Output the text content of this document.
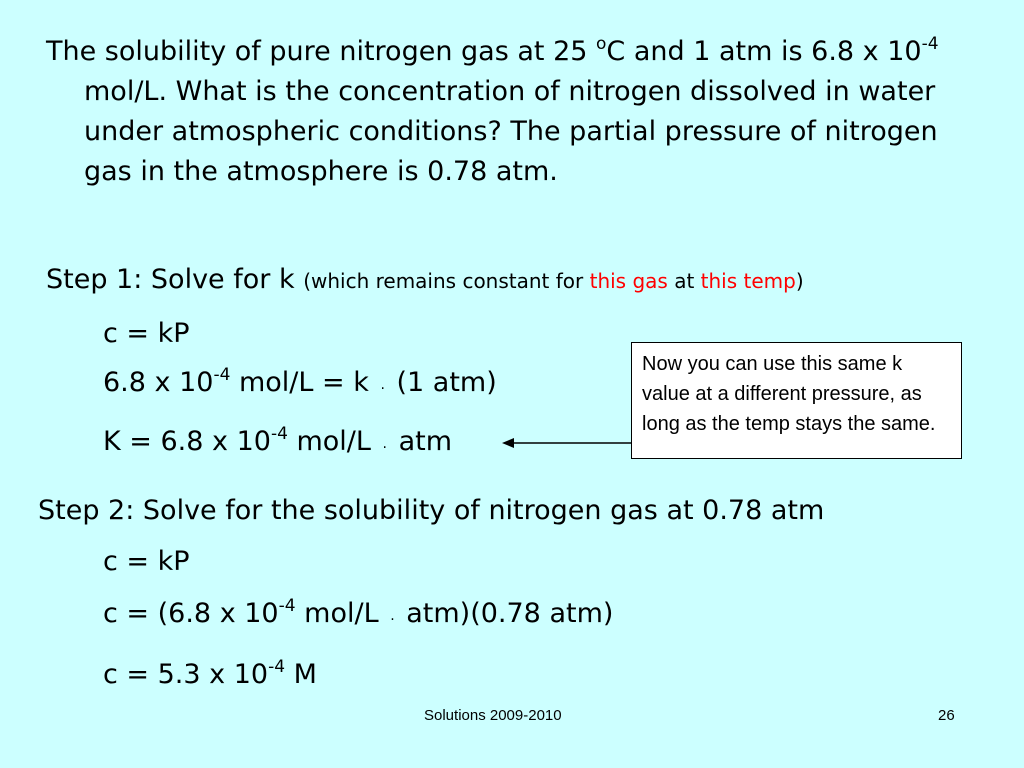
The solubility of pure nitrogen gas at 25 $^o$C and 1 atm is 6.8 x $10^{-4}$ mol/L. What is the concentration of nitrogen dissolved in water under atmospheric conditions? The partial pressure of nitrogen gas in the atmosphere is 0.78 atm.

Step 1: Solve for k (which remains constant for this gas at this temp)

c = kP

6.8 x $10^{-4}$ mol/L = k · (1 atm)

K = 6.8 x $10^{-4}$ mol/L · atm

Now you can use this same k value at a different pressure, as long as the temp stays the same.

Step 2: Solve for the solubility of nitrogen gas at 0.78 atm

c = kP

c = (6.8 x $10^{-4}$ mol/L · atm)(0.78 atm)

c = 5.3 x $10^{-4}$ M

Solutions 2009-2010	26
